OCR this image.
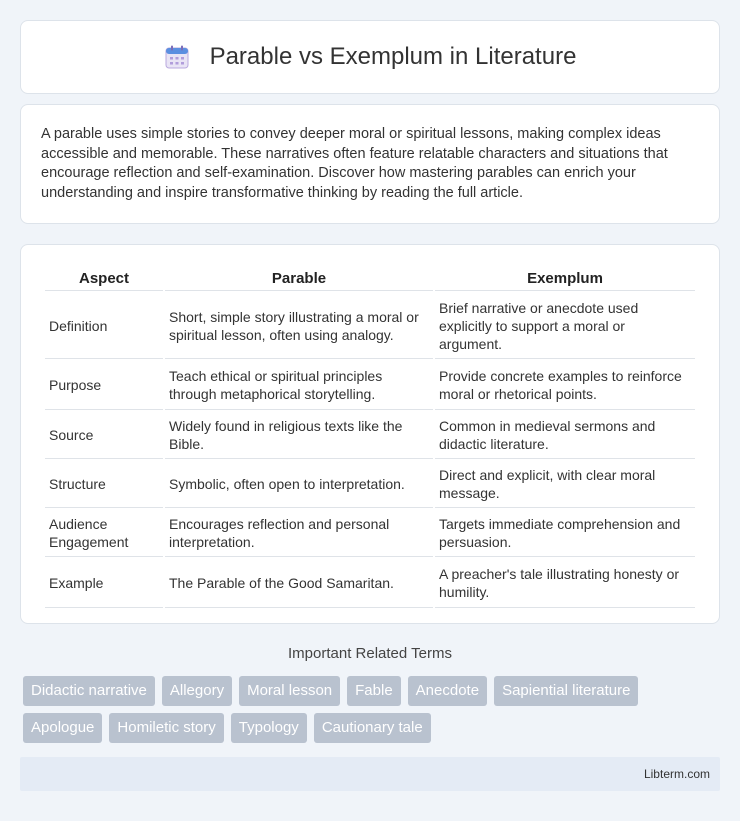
Parable vs Exemplum in Literature

A parable uses simple stories to convey deeper moral or spiritual lessons, making complex ideas accessible and memorable. These narratives often feature relatable characters and situations that encourage reflection and self-examination. Discover how mastering parables can enrich your understanding and inspire transformative thinking by reading the full article.

Aspect	Parable	Exemplum
Definition	Short, simple story illustrating a moral or spiritual lesson, often using analogy.	Brief narrative or anecdote used explicitly to support a moral or argument.
Purpose	Teach ethical or spiritual principles through metaphorical storytelling.	Provide concrete examples to reinforce moral or rhetorical points.
Source	Widely found in religious texts like the Bible.	Common in medieval sermons and didactic literature.
Structure	Symbolic, often open to interpretation.	Direct and explicit, with clear moral message.
Audience Engagement	Encourages reflection and personal interpretation.	Targets immediate comprehension and persuasion.
Example	The Parable of the Good Samaritan.	A preacher's tale illustrating honesty or humility.
Important Related Terms
Didactic narrative	Allegory	Moral lesson	Fable	Anecdote	Sapiential literature
Apologue	Homiletic story	Typology	Cautionary tale
Libterm.com
